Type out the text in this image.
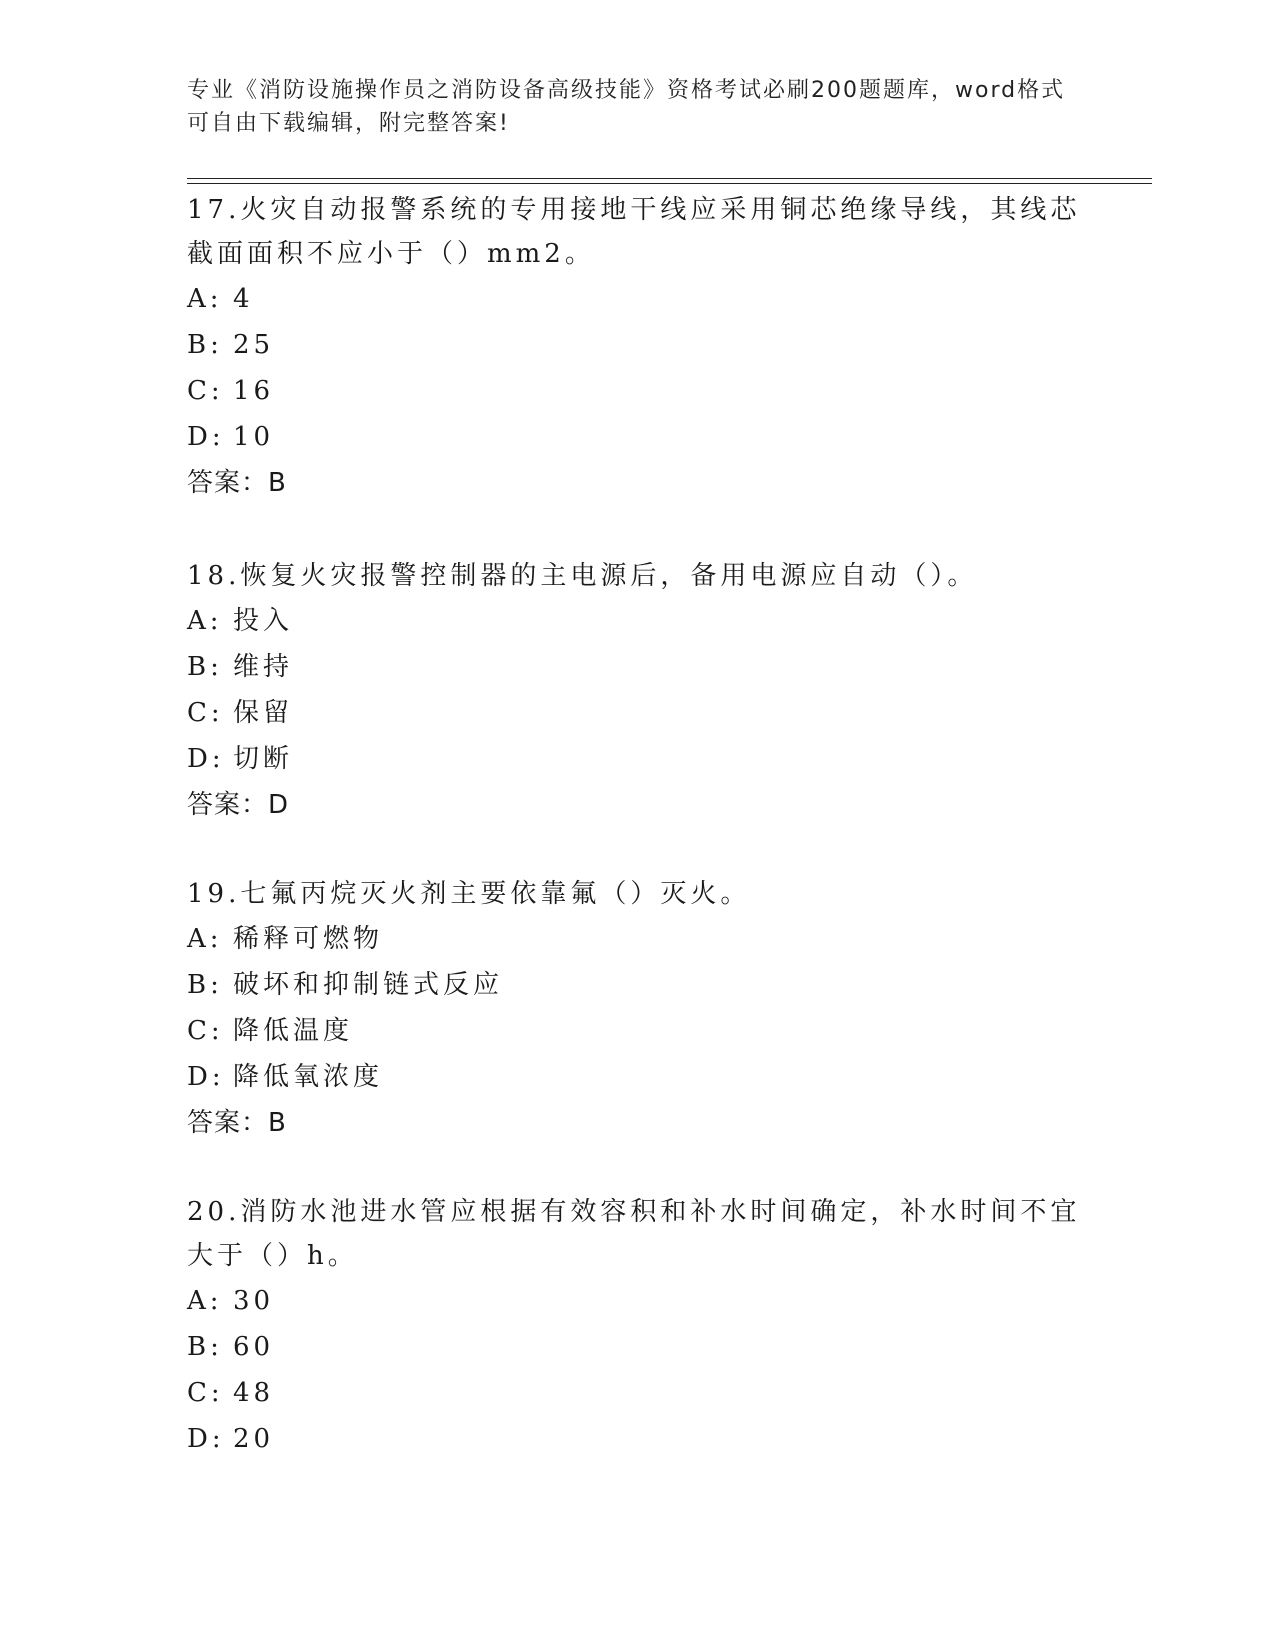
专业《消防设施操作员之消防设备高级技能》资格考试必刷200题题库，word格式可自由下载编辑，附完整答案!

17.火灾自动报警系统的专用接地干线应采用铜芯绝缘导线，其线芯截面面积不应小于（）mm2。

A: 4
B: 25
C: 16
D: 10
答案：B

18.恢复火灾报警控制器的主电源后，备用电源应自动（）。

A: 投入
B: 维持
C: 保留
D: 切断
答案：D

19.七氟丙烷灭火剂主要依靠氟（）灭火。

A: 稀释可燃物
B: 破坏和抑制链式反应
C: 降低温度
D: 降低氧浓度
答案：B

20.消防水池进水管应根据有效容积和补水时间确定，补水时间不宜大于（）h。

A: 30
B: 60
C: 48
D: 20
